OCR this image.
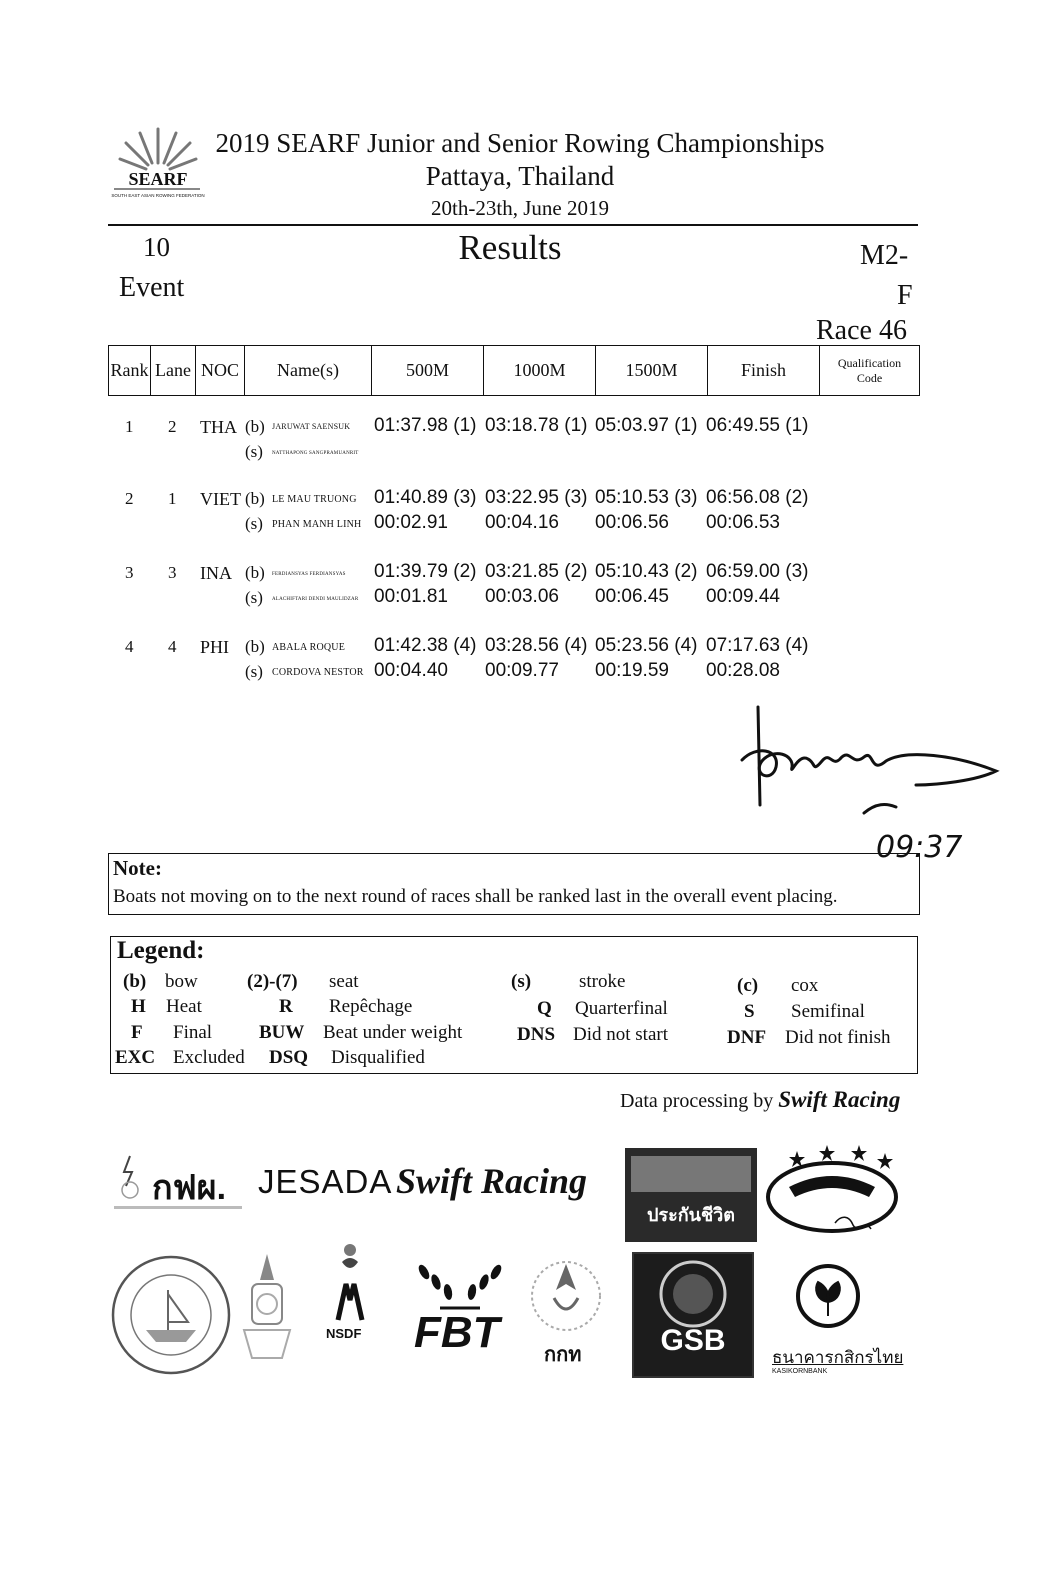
SEARF
SOUTH EAST ASIAN ROWING FEDERATION
2019 SEARF Junior and Senior Rowing Championships
Pattaya, Thailand
20th-23th, June 2019
10
Event
Results	M2-
F
Race 46
Rank	Lane	NOC	Name(s)	500M	1000M	1500M	Finish	Qualification
Code
1 2 THA (b) JARUWAT SAENSUK
(s) NATTHAPONG SANGPRAMUANRIT
01:37.98 (1) 03:18.78 (1) 05:03.97 (1) 06:49.55 (1)
2 1 VIET (b) LE MAU TRUONG
(s) PHAN MANH LINH
01:40.89 (3) 03:22.95 (3) 05:10.53 (3) 06:56.08 (2)
00:02.91 00:04.16 00:06.56 00:06.53
3 3 INA (b) FERDIANSYAS FERDIANSYAS
(s) ALACHIFTARI DENDI MAULIDZAR
01:39.79 (2) 03:21.85 (2) 05:10.43 (2) 06:59.00 (3)
00:01.81 00:03.06 00:06.45 00:09.44
4 4 PHI (b) ABALA ROQUE
(s) CORDOVA NESTOR
01:42.38 (4) 03:28.56 (4) 05:23.56 (4) 07:17.63 (4)
00:04.40 00:09.77 00:19.59 00:28.08
09:37
Note:
Boats not moving on to the next round of races shall be ranked last in the overall event placing.
Legend:
(b) bow	(2)-(7) seat	(s)	stroke	(c) cox
H Heat	R Repêchage	Q Quarterfinal	S Semifinal
F Final BUW Beat under weight	DNS Did not start	DNF Did not finish
EXC Excluded DSQ Disqualified
Data processing by Swift Racing
กฟผ. JESADA Swift Racing
ประกันชีวิต
NSDF FBT กกท	GSB
ธนาคารกสิกรไทย
KASIKORNBANK
